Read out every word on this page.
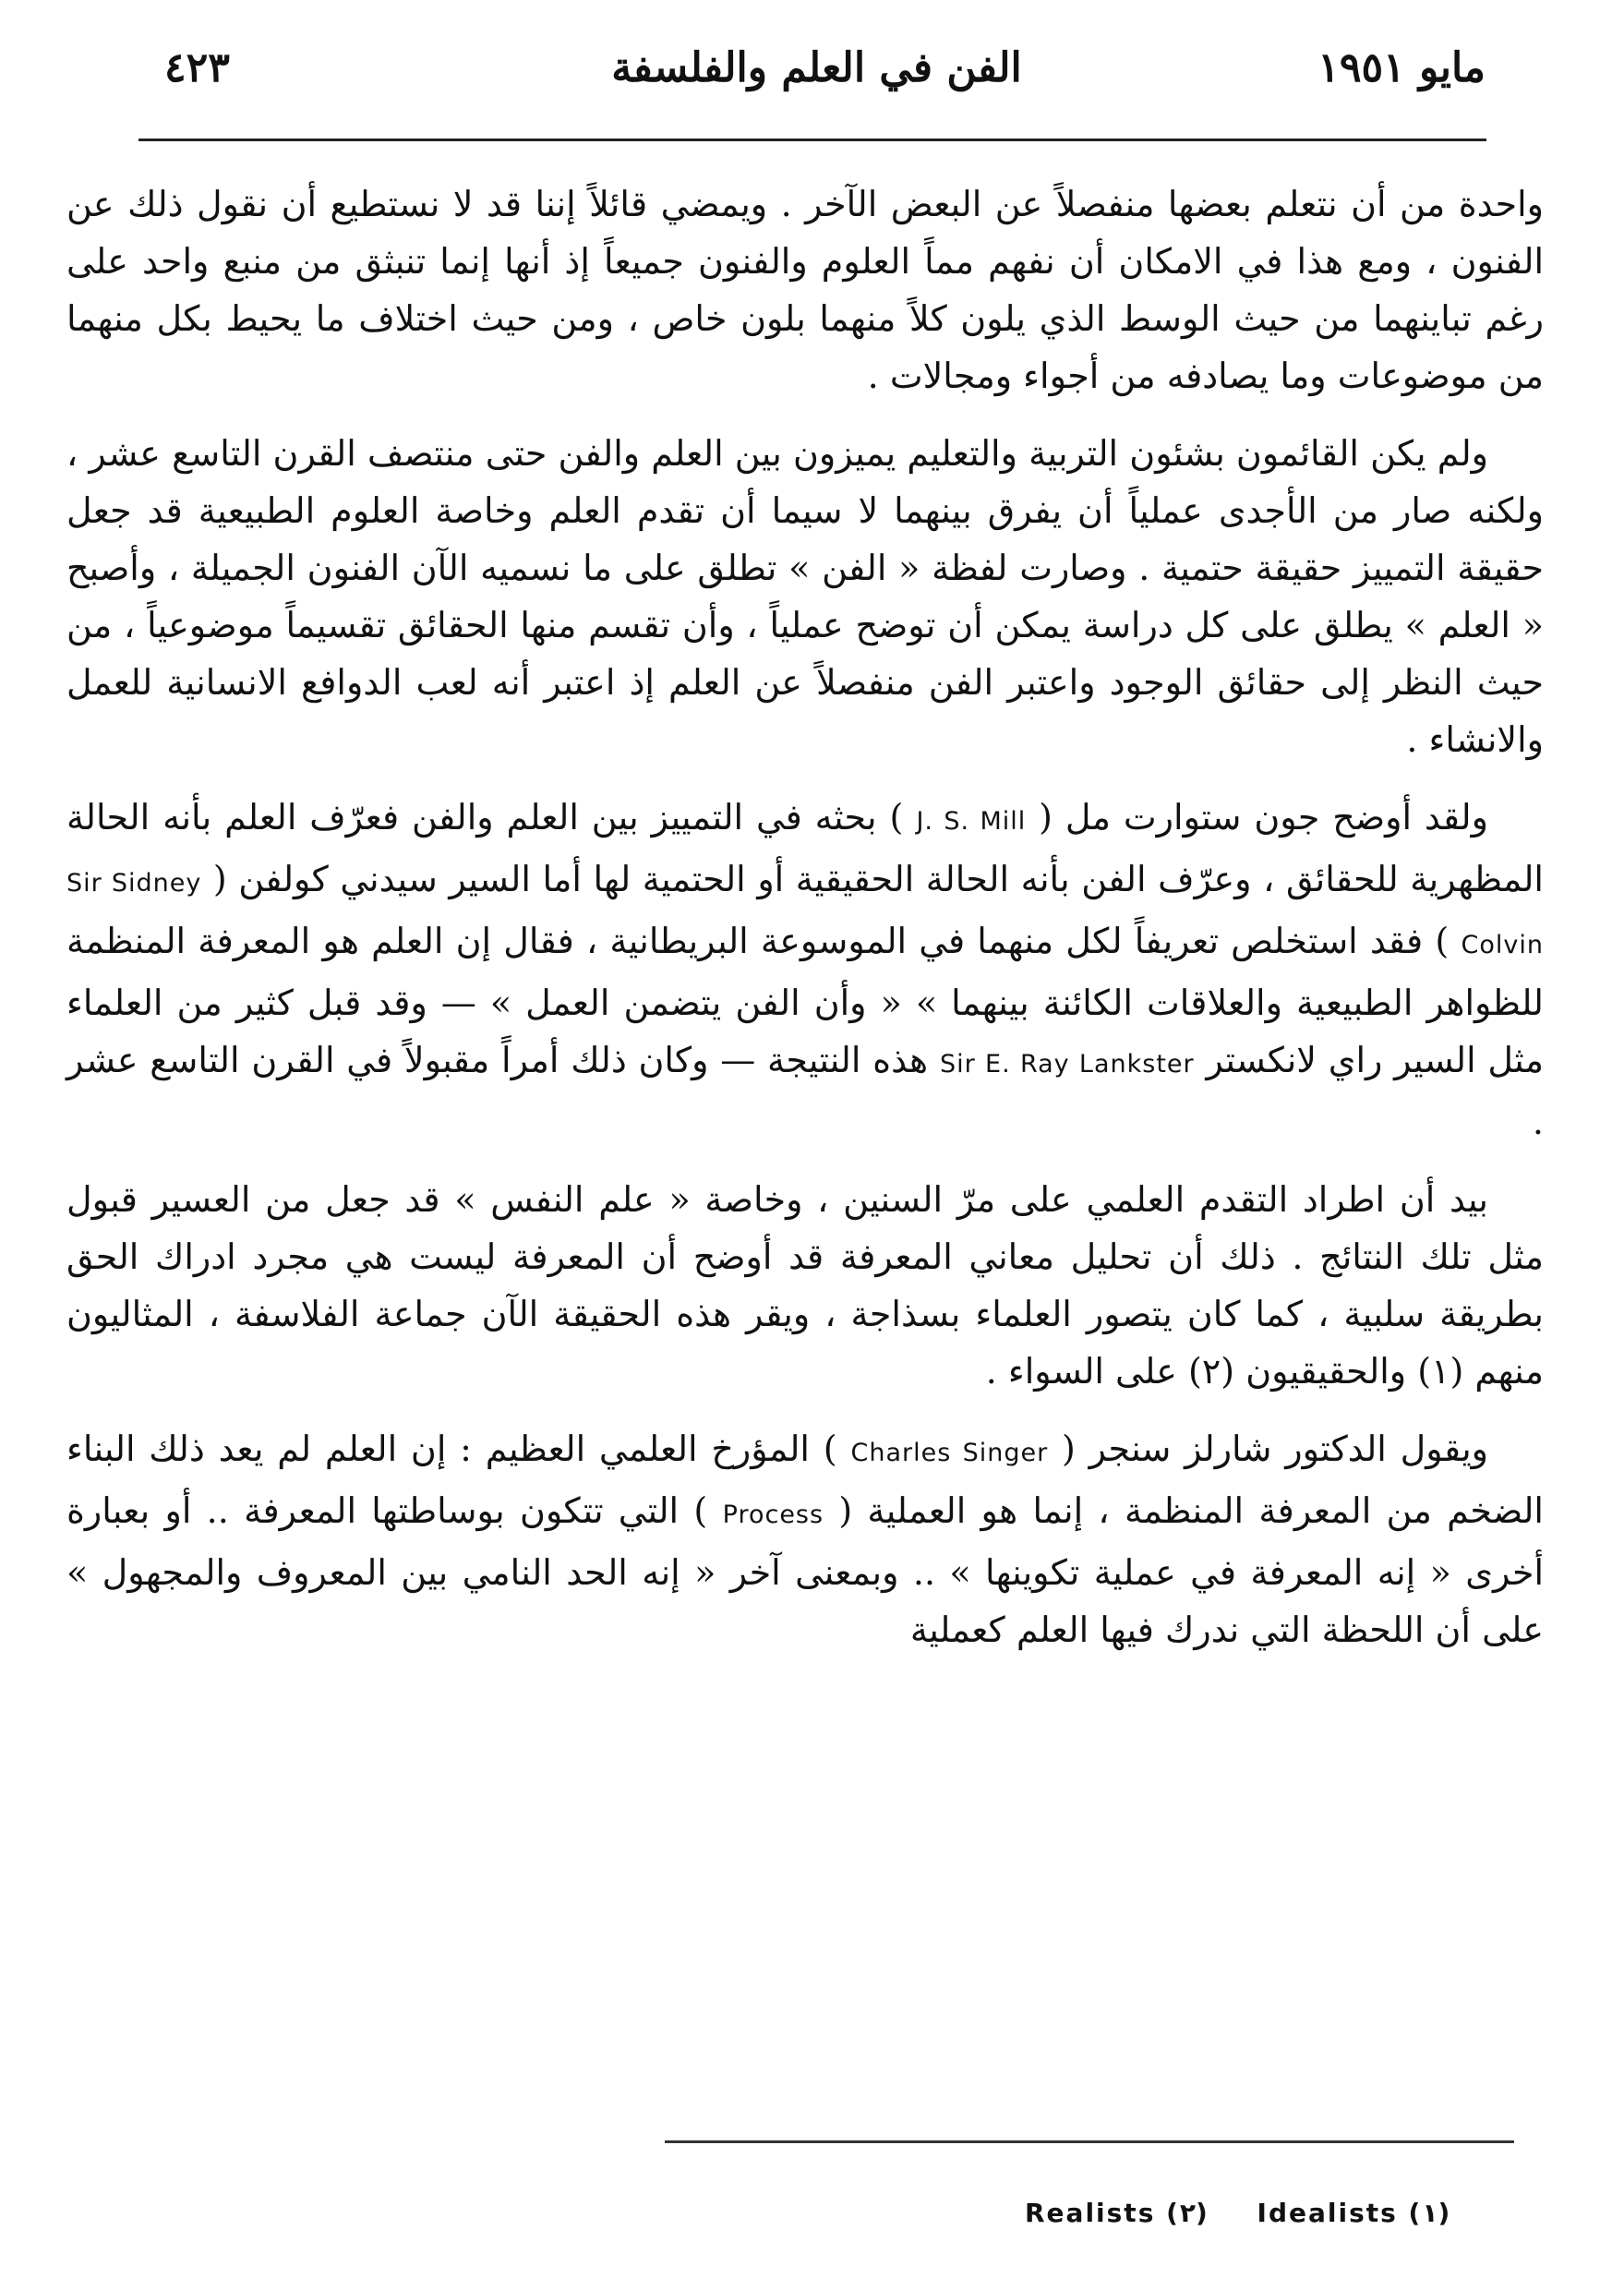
٤٢٣	الفن في العلم والفلسفة	مايو ١٩٥١

واحدة من أن نتعلم بعضها منفصلاً عن البعض الآخر . ويمضي قائلاً إننا قد لا نستطيع أن نقول ذلك عن الفنون ، ومع هذا في الامكان أن نفهم مماً العلوم والفنون جميعاً إذ أنها إنما تنبثق من منبع واحد على رغم تباينهما من حيث الوسط الذي يلون كلاً منهما بلون خاص ، ومن حيث اختلاف ما يحيط بكل منهما من موضوعات وما يصادفه من أجواء ومجالات .

ولم يكن القائمون بشئون التربية والتعليم يميزون بين العلم والفن حتى منتصف القرن التاسع عشر ، ولكنه صار من الأجدى عملياً أن يفرق بينهما لا سيما أن تقدم العلم وخاصة العلوم الطبيعية قد جعل حقيقة التمييز حقيقة حتمية . وصارت لفظة « الفن » تطلق على ما نسميه الآن الفنون الجميلة ، وأصبح « العلم » يطلق على كل دراسة يمكن أن توضح عملياً ، وأن تقسم منها الحقائق تقسيماً موضوعياً ، من حيث النظر إلى حقائق الوجود واعتبر الفن منفصلاً عن العلم إذ اعتبر أنه لعب الدوافع الانسانية للعمل والانشاء .

ولقد أوضح جون ستوارت مل ( J. S. Mill ) بحثه في التمييز بين العلم والفن فعرّف العلم بأنه الحالة المظهرية للحقائق ، وعرّف الفن بأنه الحالة الحقيقية أو الحتمية لها أما السير سيدني كولفن ( Sir Sidney Colvin ) فقد استخلص تعريفاً لكل منهما في الموسوعة البريطانية ، فقال إن العلم هو المعرفة المنظمة للظواهر الطبيعية والعلاقات الكائنة بينهما » « وأن الفن يتضمن العمل » — وقد قبل كثير من العلماء مثل السير راي لانكستر Sir E. Ray Lankster هذه النتيجة — وكان ذلك أمراً مقبولاً في القرن التاسع عشر .

بيد أن اطراد التقدم العلمي على مرّ السنين ، وخاصة « علم النفس » قد جعل من العسير قبول مثل تلك النتائج . ذلك أن تحليل معاني المعرفة قد أوضح أن المعرفة ليست هي مجرد ادراك الحق بطريقة سلبية ، كما كان يتصور العلماء بسذاجة ، ويقر هذه الحقيقة الآن جماعة الفلاسفة ، المثاليون منهم (١) والحقيقيون (٢) على السواء .

ويقول الدكتور شارلز سنجر ( Charles Singer ) المؤرخ العلمي العظيم : إن العلم لم يعد ذلك البناء الضخم من المعرفة المنظمة ، إنما هو العملية ( Process ) التي تتكون بوساطتها المعرفة .. أو بعبارة أخرى « إنه المعرفة في عملية تكوينها » .. وبمعنى آخر « إنه الحد النامي بين المعروف والمجهول » على أن اللحظة التي ندرك فيها العلم كعملية

Realists (٢) Idealists (١)
